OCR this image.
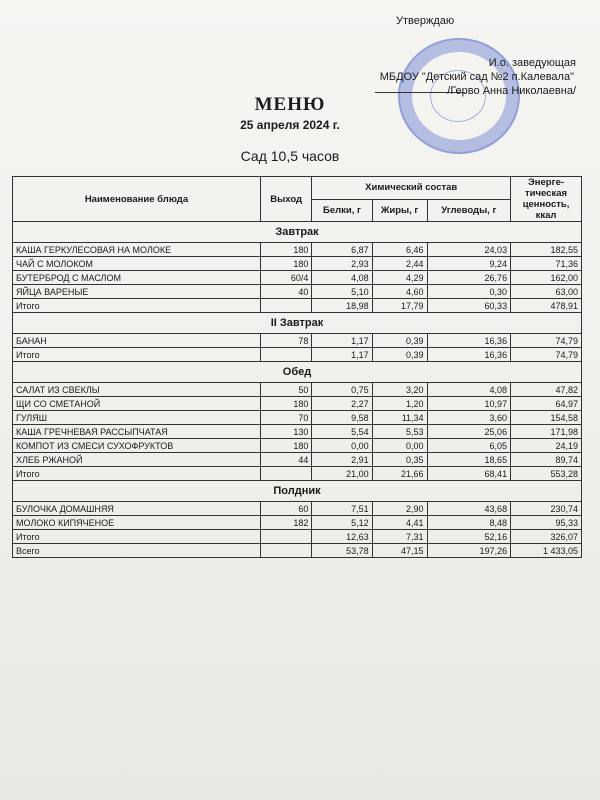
Утверждаю
И.о. заведующая
МБДОУ "Детский сад №2 п.Калевала"
/Герво Анна Николаевна/
МЕНЮ
25 апреля 2024 г.
Сад 10,5 часов
Наименование блюда	Выход	Химический состав			Энерге-тическая ценность, ккал
		Белки, г	Жиры, г	Углеводы, г	
Завтрак					
КАША ГЕРКУЛЕСОВАЯ НА МОЛОКЕ	180	6,87	6,46	24,03	182,55
ЧАЙ С МОЛОКОМ	180	2,93	2,44	9,24	71,36
БУТЕРБРОД С МАСЛОМ	60/4	4,08	4,29	26,76	162,00
ЯЙЦА ВАРЕНЫЕ	40	5,10	4,60	0,30	63,00
Итого		18,98	17,79	60,33	478,91
II Завтрак					
БАНАН	78	1,17	0,39	16,36	74,79
Итого		1,17	0,39	16,36	74,79
Обед					
САЛАТ ИЗ СВЕКЛЫ	50	0,75	3,20	4,08	47,82
ЩИ СО СМЕТАНОЙ	180	2,27	1,20	10,97	64,97
ГУЛЯШ	70	9,58	11,34	3,60	154,58
КАША ГРЕЧНЕВАЯ РАССЫПЧАТАЯ	130	5,54	5,53	25,06	171,98
КОМПОТ ИЗ СМЕСИ СУХОФРУКТОВ	180	0,00	0,00	6,05	24,19
ХЛЕБ РЖАНОЙ	44	2,91	0,35	18,65	89,74
Итого		21,00	21,66	68,41	553,28
Полдник					
БУЛОЧКА ДОМАШНЯЯ	60	7,51	2,90	43,68	230,74
МОЛОКО КИПЯЧЕНОЕ	182	5,12	4,41	8,48	95,33
Итого		12,63	7,31	52,16	326,07
Всего		53,78	47,15	197,26	1 433,05
